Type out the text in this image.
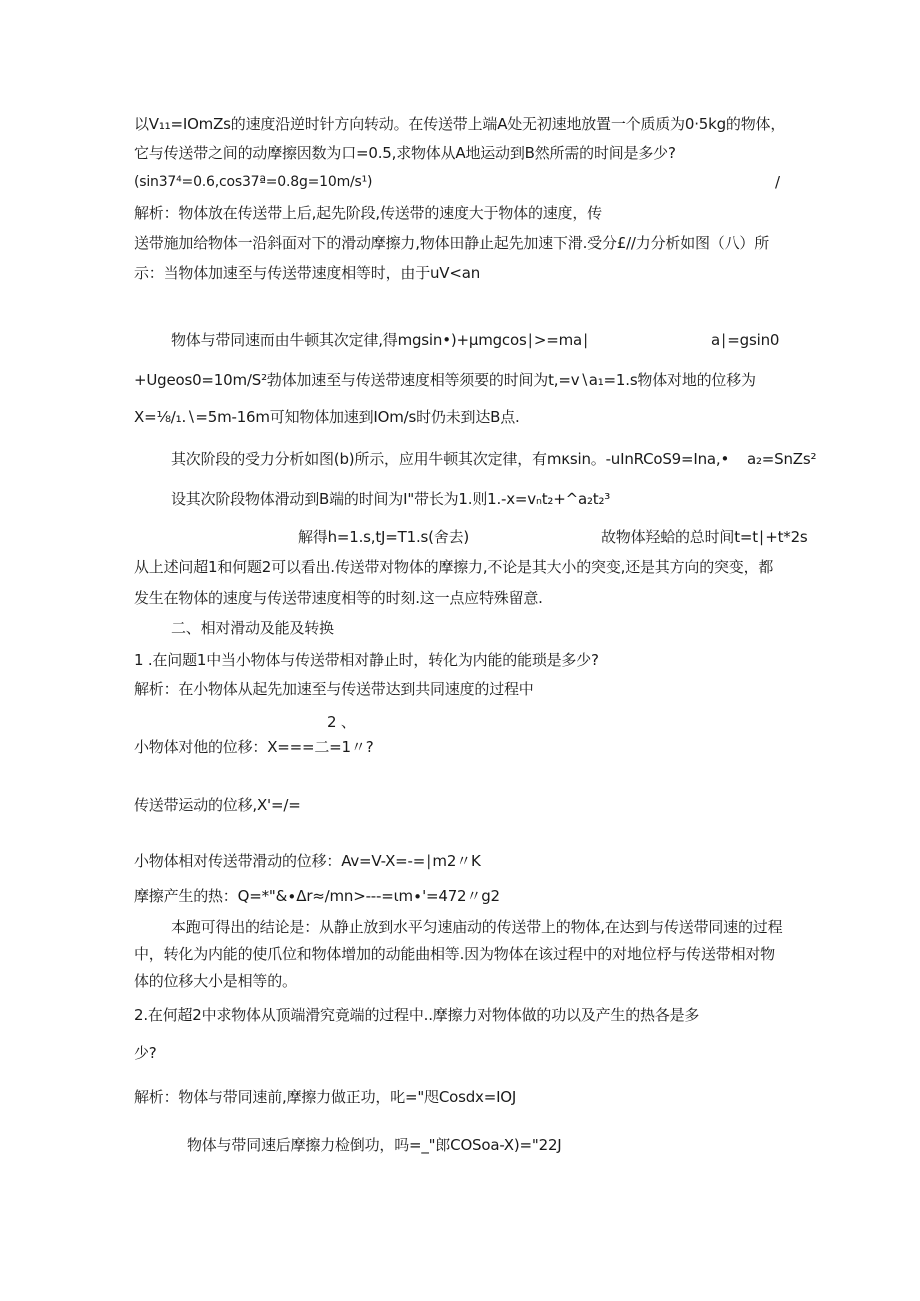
以V₁₁=IOmZs的速度沿逆时针方向转动。在传送带上端A处无初速地放置一个质质为0·5kg的物体，
它与传送带之间的动摩擦因数为口=0.5,求物体从A地运动到B然所需的时间是多少?
(sin37⁴=0.6,cos37ª=0.8g=10m∕s¹)	/
解析：物体放在传送带上后,起先阶段,传送带的速度大于物体的速度，传
送带施加给物体一沿斜面对下的滑动摩擦力,物体田静止起先加速下滑.受分£//力分析如图（八）所
示：当物体加速至与传送带速度相等时，由于uV<an
物体与带同速而由牛顿其次定律,得mgsin•)+μmgcos∣>=ma∣	a∣=gsin0
+Ugeos0=10m∕S²勃体加速至与传送带速度相等须要的时间为t,=v∖a₁=1.s物体对地的位移为
X=⅛∕₁.∖=5m-16m可知物体加速到IOm/s时仍未到达B点.
其次阶段的受力分析如图(b)所示，应用牛顿其次定律，有mκsin。-uInRCoS9=Ina,• a₂=SnZs²
设其次阶段物体滑动到B端的时间为I"带长为1.则1.-x=vₙt₂+^a₂t₂³
解得h=1.s,tJ=T1.s(舍去)	故物体羟蛤的总时间t=t∣+t*2s
从上述问超1和何题2可以看出.传送带对物体的摩擦力,不论是其大小的突变,还是其方向的突变，都
发生在物体的速度与传送带速度相等的时刻.这一点应特殊留意.
二、相对滑动及能及转换
1 .在问题1中当小物体与传送带相对静止时，转化为内能的能琐是多少?
解析：在小物体从起先加速至与传送带达到共同速度的过程中
2 、
小物体对他的位移：X===二=1〃?
传送带运动的位移,X'=/=
小物体相对传送带滑动的位移：Av=V-X=-=∣m2〃K
摩擦产生的热：Q=*"&∙Δr≈∕mn>---=ιm∙'=472〃g2
本跑可得出的结论是：从静止放到水平匀速庙动的传送带上的物体,在达到与传送带同速的过程
中，转化为内能的使爪位和物体增加的动能曲相等.因为物体在该过程中的对地位杼与传送带相对物
体的位移大小是相等的。
2.在何超2中求物体从顶端滑究竟端的过程中..摩擦力对物体做的功以及产生的热各是多
少?
解析：物体与带同速前,摩擦力做正功，叱="咫Cosdx=IOJ
物体与带同速后摩擦力检倒功，吗=_"郎COSoa-X)="22J
